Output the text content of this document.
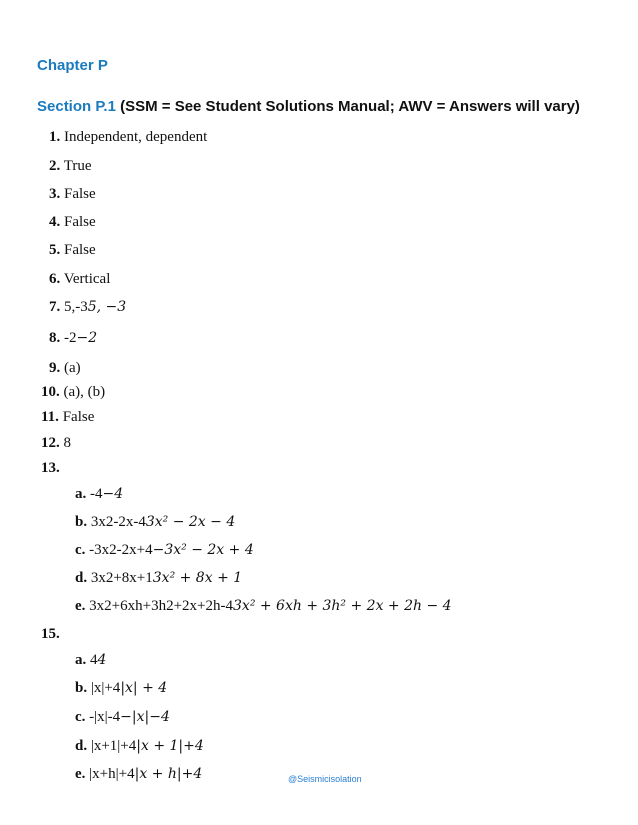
Chapter P
Section P.1 (SSM = See Student Solutions Manual; AWV = Answers will vary)
1. Independent, dependent
2. True
3. False
4. False
5. False
6. Vertical
7. 5,-35, −3
8. -2−2
9. (a)
10. (a), (b)
11. False
12. 8
13.
a. -4−4
b. 3x2-2x-43x² − 2x − 4
c. -3x2-2x+4−3x² − 2x + 4
d. 3x2+8x+13x² + 8x + 1
e. 3x2+6xh+3h2+2x+2h-43x² + 6xh + 3h² + 2x + 2h − 4
15.
a. 44
b. |x|+4|x| + 4
c. -|x|-4−|x|−4
d. |x+1|+4|x + 1|+4
e. |x+h|+4|x + h|+4	@Seismicisolation
